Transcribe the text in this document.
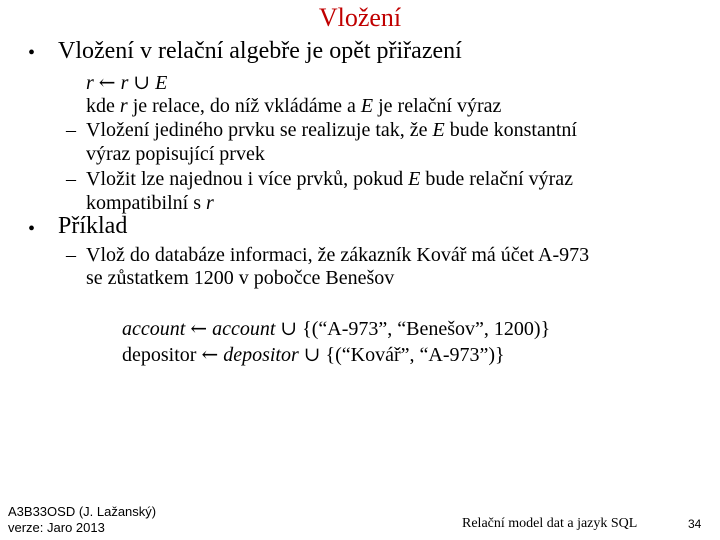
Vložení
• Vložení v relační algebře je opět přiřazení
r ← r ∪ E
kde r je relace, do níž vkládáme a E je relační výraz
– Vložení jediného prvku se realizuje tak, že E bude konstantní
výraz popisující prvek
– Vložit lze najednou i více prvků, pokud E bude relační výraz
kompatibilní s r
• Příklad
– Vlož do databáze informaci, že zákazník Kovář má účet A-973
se zůstatkem 1200 v pobočce Benešov
account ← account ∪ {(“A-973”, “Benešov”, 1200)}
depositor ← depositor ∪ {(“Kovář”, “A-973”)}
A3B33OSD (J. Lažanský)
verze: Jaro 2013	Relační model dat a jazyk SQL	34
